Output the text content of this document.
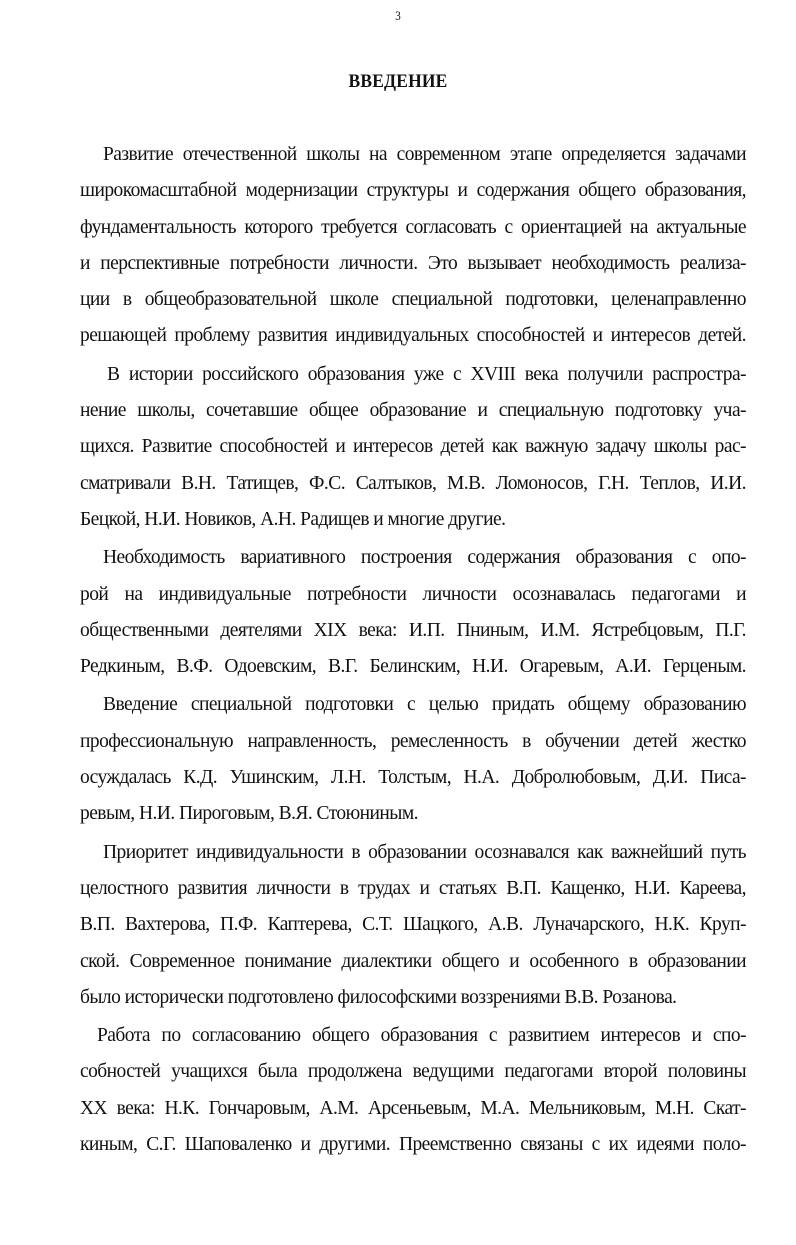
3
ВВЕДЕНИЕ

Развитие отечественной школы на современном этапе определяется задачами
широкомасштабной модернизации структуры и содержания общего образования,
фундаментальность которого требуется согласовать с ориентацией на актуальные
и перспективные потребности личности. Это вызывает необходимость реализа-
ции в общеобразовательной школе специальной подготовки, целенаправленно
решающей проблему развития индивидуальных способностей и интересов детей.

В истории российского образования уже с XVIII века получили распростра-
нение школы, сочетавшие общее образование и специальную подготовку уча-
щихся. Развитие способностей и интересов детей как важную задачу школы рас-
сматривали В.Н. Татищев, Ф.С. Салтыков, М.В. Ломоносов, Г.Н. Теплов, И.И.
Бецкой, Н.И. Новиков, А.Н. Радищев и многие другие.

Необходимость вариативного построения содержания образования с опо-
рой на индивидуальные потребности личности осознавалась педагогами и
общественными деятелями XIX века: И.П. Пниным, И.М. Ястребцовым, П.Г.
Редкиным, В.Ф. Одоевским, В.Г. Белинским, Н.И. Огаревым, А.И. Герценым.

Введение специальной подготовки с целью придать общему образованию
профессиональную направленность, ремесленность в обучении детей жестко
осуждалась К.Д. Ушинским, Л.Н. Толстым, Н.А. Добролюбовым, Д.И. Писа-
ревым, Н.И. Пироговым, В.Я. Стоюниным.

Приоритет индивидуальности в образовании осознавался как важнейший путь
целостного развития личности в трудах и статьях В.П. Кащенко, Н.И. Кареева,
В.П. Вахтерова, П.Ф. Каптерева, С.Т. Шацкого, А.В. Луначарского, Н.К. Круп-
ской. Современное понимание диалектики общего и особенного в образовании
было исторически подготовлено философскими воззрениями В.В. Розанова.

Работа по согласованию общего образования с развитием интересов и спо-
собностей учащихся была продолжена ведущими педагогами второй половины
XX века: Н.К. Гончаровым, А.М. Арсеньевым, М.А. Мельниковым, М.Н. Скат-
киным, С.Г. Шаповаленко и другими. Преемственно связаны с их идеями поло-
